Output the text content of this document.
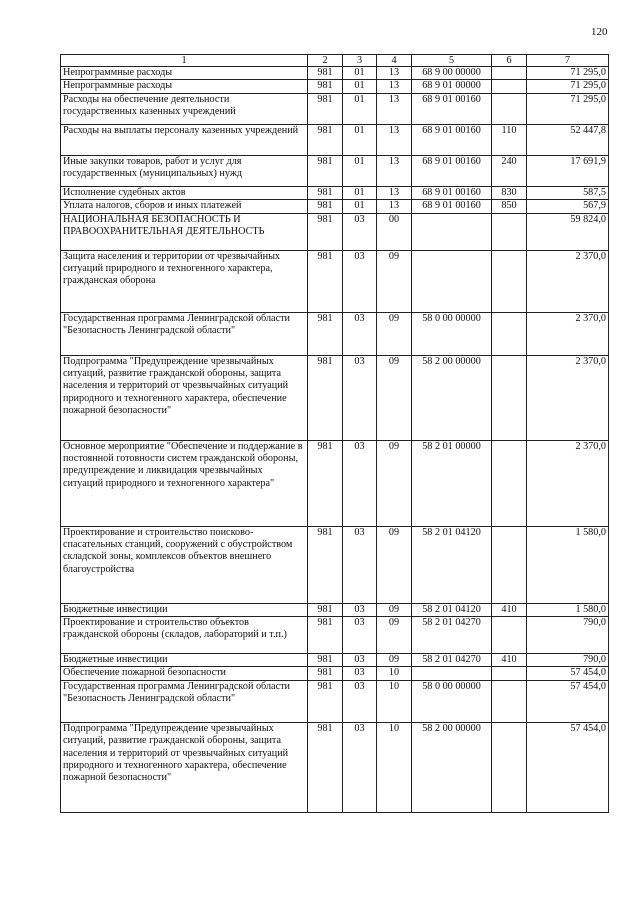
120
1	2	3	4	5	6	7
Непрограммные расходы	981	01	13	68 9 00 00000		71 295,0
Непрограммные расходы	981	01	13	68 9 01 00000		71 295,0
Расходы на обеспечение деятельности государственных казенных учреждений	981	01	13	68 9 01 00160		71 295,0
Расходы на выплаты персоналу казенных учреждений	981	01	13	68 9 01 00160	110	52 447,8
Иные закупки товаров, работ и услуг для государственных (муниципальных) нужд	981	01	13	68 9 01 00160	240	17 691,9
Исполнение судебных актов	981	01	13	68 9 01 00160	830	587,5
Уплата налогов, сборов и иных платежей	981	01	13	68 9 01 00160	850	567,9
НАЦИОНАЛЬНАЯ БЕЗОПАСНОСТЬ И ПРАВООХРАНИТЕЛЬНАЯ ДЕЯТЕЛЬНОСТЬ	981	03	00			59 824,0
Защита населения и территории от чрезвычайных ситуаций природного и техногенного характера, гражданская оборона	981	03	09			2 370,0
Государственная программа Ленинградской области "Безопасность Ленинградской области"	981	03	09	58 0 00 00000		2 370,0
Подпрограмма "Предупреждение чрезвычайных ситуаций, развитие гражданской обороны, защита населения и территорий от чрезвычайных ситуаций природного и техногенного характера, обеспечение пожарной безопасности"	981	03	09	58 2 00 00000		2 370,0
Основное мероприятие "Обеспечение и поддержание в постоянной готовности систем гражданской обороны, предупреждение и ликвидация чрезвычайных ситуаций природного и техногенного характера"	981	03	09	58 2 01 00000		2 370,0
Проектирование и строительство поисково-спасательных станций, сооружений с обустройством складской зоны, комплексов объектов внешнего благоустройства	981	03	09	58 2 01 04120		1 580,0
Бюджетные инвестиции	981	03	09	58 2 01 04120	410	1 580,0
Проектирование и строительство объектов гражданской обороны (складов, лабораторий и т.п.)	981	03	09	58 2 01 04270		790,0
Бюджетные инвестиции	981	03	09	58 2 01 04270	410	790,0
Обеспечение пожарной безопасности	981	03	10			57 454,0
Государственная программа Ленинградской области "Безопасность Ленинградской области"	981	03	10	58 0 00 00000		57 454,0
Подпрограмма "Предупреждение чрезвычайных ситуаций, развитие гражданской обороны, защита населения и территорий от чрезвычайных ситуаций природного и техногенного характера, обеспечение пожарной безопасности"	981	03	10	58 2 00 00000		57 454,0
